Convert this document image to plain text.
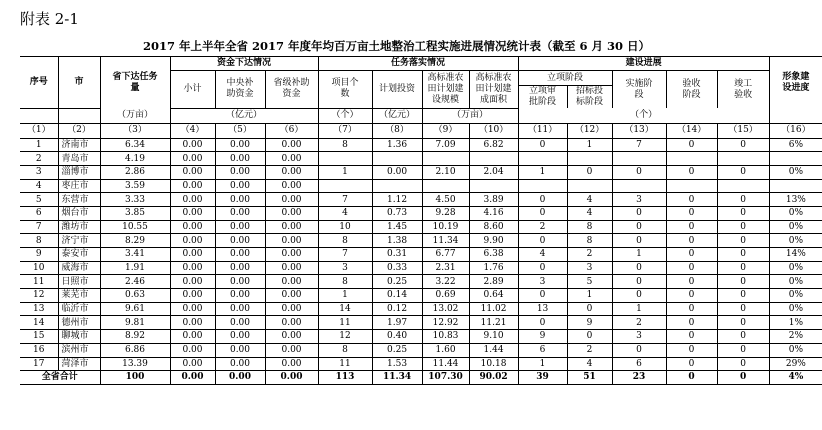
附表 2-1
2017 年上半年全省 2017 年度年均百万亩土地整治工程实施进展情况统计表（截至 6 月 30 日）
序号	市	省下达任务量	资金下达情况			任务落实情况				建设进展					形象建设进度
			小计	中央补助资金	省级补助资金	项目个数	计划投资	高标准农田计划建设规模	高标准农田计划建成面积	立项阶段		实施阶段	验收阶段	竣工验收	
										立项审批阶段	招标投标阶段				

		（万亩）	（亿元）			（个）	（亿元）	（万亩）		（个）					
（1）	（2）	（3）	（4）	（5）	（6）	（7）	（8）	（9）	（10）	（11）	（12）	（13）	（14）	（15）	（16）
1	济南市	6.34	0.00	0.00	0.00	8	1.36	7.09	6.82	0	1	7	0	0	6%
2	青岛市	4.19	0.00	0.00	0.00										
3	淄博市	2.86	0.00	0.00	0.00	1	0.00	2.10	2.04	1	0	0	0	0	0%
4	枣庄市	3.59	0.00	0.00	0.00										
5	东营市	3.33	0.00	0.00	0.00	7	1.12	4.50	3.89	0	4	3	0	0	13%
6	烟台市	3.85	0.00	0.00	0.00	4	0.73	9.28	4.16	0	4	0	0	0	0%
7	潍坊市	10.55	0.00	0.00	0.00	10	1.45	10.19	8.60	2	8	0	0	0	0%
8	济宁市	8.29	0.00	0.00	0.00	8	1.38	11.34	9.90	0	8	0	0	0	0%
9	泰安市	3.41	0.00	0.00	0.00	7	0.31	6.77	6.38	4	2	1	0	0	14%
10	威海市	1.91	0.00	0.00	0.00	3	0.33	2.31	1.76	0	3	0	0	0	0%
11	日照市	2.46	0.00	0.00	0.00	8	0.25	3.22	2.89	3	5	0	0	0	0%
12	莱芜市	0.63	0.00	0.00	0.00	1	0.14	0.69	0.64	0	1	0	0	0	0%
13	临沂市	9.61	0.00	0.00	0.00	14	0.12	13.02	11.02	13	0	1	0	0	0%
14	德州市	9.81	0.00	0.00	0.00	11	1.97	12.92	11.21	0	9	2	0	0	1%
15	聊城市	8.92	0.00	0.00	0.00	12	0.40	10.83	9.10	9	0	3	0	0	2%
16	滨州市	6.86	0.00	0.00	0.00	8	0.25	1.60	1.44	6	2	0	0	0	0%
17	菏泽市	13.39	0.00	0.00	0.00	11	1.53	11.44	10.18	1	4	6	0	0	29%
全省合计		100	0.00	0.00	0.00	113	11.34	107.30	90.02	39	51	23	0	0	4%
